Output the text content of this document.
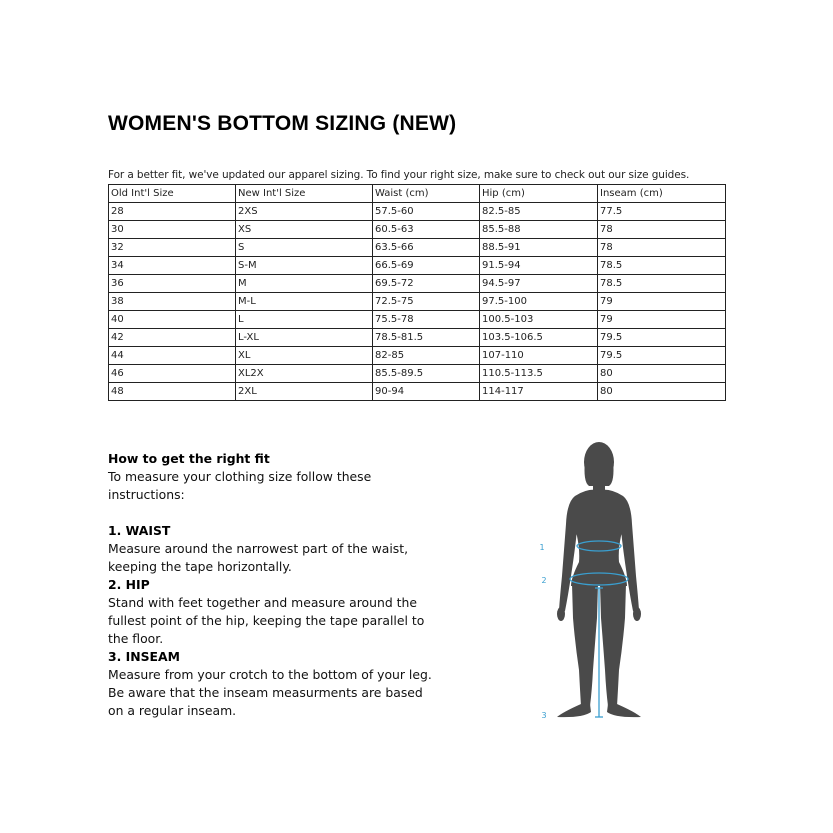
WOMEN'S BOTTOM SIZING (NEW)
For a better fit, we've updated our apparel sizing. To find your right size, make sure to check out our size guides.
Old Int'l Size	New Int'l Size	Waist (cm)	Hip (cm)	Inseam (cm)
28	2XS	57.5-60	82.5-85	77.5
30	XS	60.5-63	85.5-88	78
32	S	63.5-66	88.5-91	78
34	S-M	66.5-69	91.5-94	78.5
36	M	69.5-72	94.5-97	78.5
38	M-L	72.5-75	97.5-100	79
40	L	75.5-78	100.5-103	79
42	L-XL	78.5-81.5	103.5-106.5	79.5
44	XL	82-85	107-110	79.5
46	XL2X	85.5-89.5	110.5-113.5	80
48	2XL	90-94	114-117	80
How to get the right fit
To measure your clothing size follow these instructions:
1. WAIST
Measure around the narrowest part of the waist, keeping the tape horizontally.
2. HIP
Stand with feet together and measure around the fullest point of the hip, keeping the tape parallel to the floor.
3. INSEAM
Measure from your crotch to the bottom of your leg. Be aware that the inseam measurments are based on a regular inseam.
1
2
3
